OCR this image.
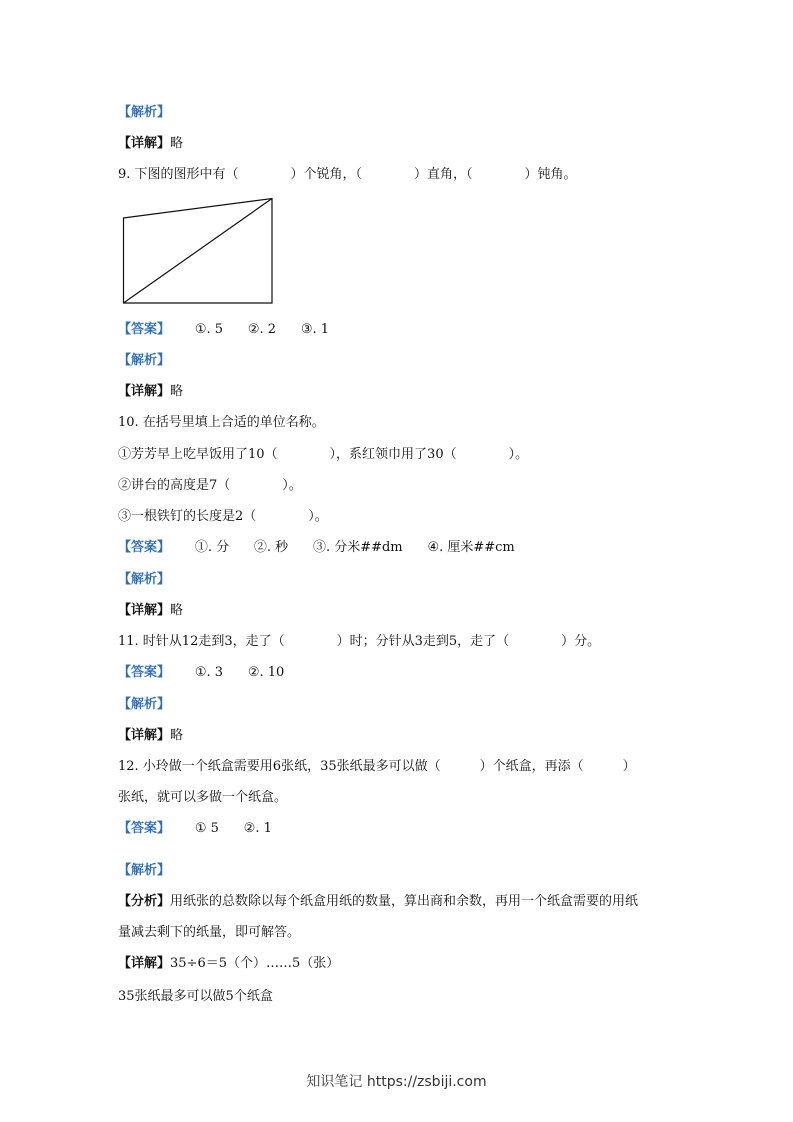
【解析】
【详解】略
9. 下图的图形中有（　　　　）个锐角，（　　　　）直角，（　　　　）钝角。
【答案】 ①. 5 ②. 2 ③. 1
【解析】
【详解】略
10. 在括号里填上合适的单位名称。
①芳芳早上吃早饭用了10（　　　　），系红领巾用了30（　　　　）。
②讲台的高度是7（　　　　）。
③一根铁钉的长度是2（　　　　）。
【答案】 ①. 分 ②. 秒 ③. 分米##dm ④. 厘米##cm
【解析】
【详解】略
11. 时针从12走到3，走了（　　　　）时；分针从3走到5，走了（　　　　）分。
【答案】 ①. 3 ②. 10
【解析】
【详解】略
12. 小玲做一个纸盒需要用6张纸，35张纸最多可以做（　　　）个纸盒，再添（　　　）
张纸，就可以多做一个纸盒。
【答案】 ① 5 ②. 1
【解析】
【分析】用纸张的总数除以每个纸盒用纸的数量，算出商和余数，再用一个纸盒需要的用纸
量减去剩下的纸量，即可解答。
【详解】35÷6＝5（个）……5（张）
35张纸最多可以做5个纸盒
知识笔记 https://zsbiji.com
